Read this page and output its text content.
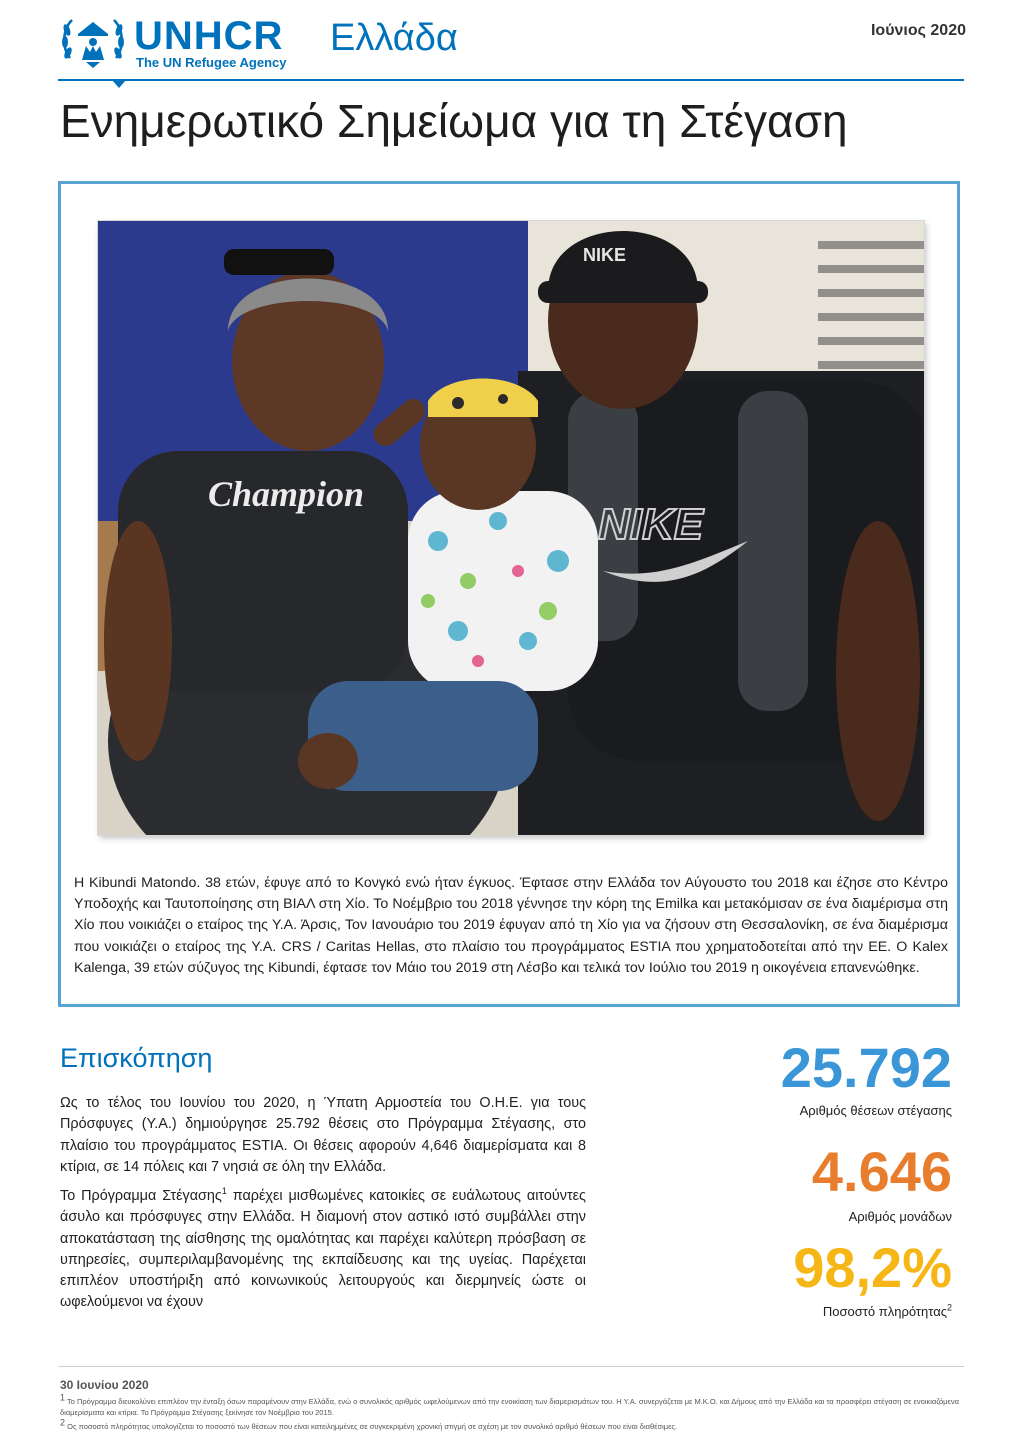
UNHCR
The UN Refugee Agency
Ελλάδα	Ιούνιος 2020
Ενημερωτικό Σημείωμα για τη Στέγαση
Champion
NIKE
NIKE
Η Kibundi Matondo. 38 ετών, έφυγε από το Κονγκό ενώ ήταν έγκυος. Έφτασε στην Ελλάδα τον Αύγουστο του 2018 και έζησε στο Κέντρο Υποδοχής και Ταυτοποίησης στη ΒΙΑΛ στη Χίο. Το Νοέμβριο του 2018 γέννησε την κόρη της Emilka και μετακόμισαν σε ένα διαμέρισμα στη Χίο που νοικιάζει ο εταίρος της Υ.Α. Άρσις, Τον Ιανουάριο του 2019 έφυγαν από τη Χίο για να ζήσουν στη Θεσσαλονίκη, σε ένα διαμέρισμα που νοικιάζει ο εταίρος της Υ.Α. CRS / Caritas Hellas, στο πλαίσιο του προγράμματος ESTIA που χρηματοδοτείται από την ΕΕ. Ο Kalex Kalenga, 39 ετών σύζυγος της Kibundi, έφτασε τον Μάιο του 2019 στη Λέσβο και τελικά τον Ιούλιο του 2019 η οικογένεια επανενώθηκε.
Επισκόπηση

Ως το τέλος του Ιουνίου του 2020, η Ύπατη Αρμοστεία του Ο.Η.Ε. για τους Πρόσφυγες (Υ.Α.) δημιούργησε 25.792 θέσεις στο Πρόγραμμα Στέγασης, στο πλαίσιο του προγράμματος ESTIA. Οι θέσεις αφορούν 4,646 διαμερίσματα και 8 κτίρια, σε 14 πόλεις και 7 νησιά σε όλη την Ελλάδα.

Το Πρόγραμμα Στέγασης$^1$ παρέχει μισθωμένες κατοικίες σε ευάλωτους αιτούντες άσυλο και πρόσφυγες στην Ελλάδα. Η διαμονή στον αστικό ιστό συμβάλλει στην αποκατάσταση της αίσθησης της ομαλότητας και παρέχει καλύτερη πρόσβαση σε υπηρεσίες, συμπεριλαμβανομένης της εκπαίδευσης και της υγείας. Παρέχεται επιπλέον υποστήριξη από κοινωνικούς λειτουργούς και διερμηνείς ώστε οι ωφελούμενοι να έχουν

25.792
Αριθμός θέσεων στέγασης
4.646
Αριθμός μονάδων
98,2%
Ποσοστό πληρότητας$^2$
30 Ιουνίου 2020
$^1$ Το Πρόγραμμα διευκολύνει επιπλέον την ένταξη όσων παραμένουν στην Ελλάδα, ενώ ο συνολικός αριθμός ωφελούμενων από την ενοικίαση των διαμερισμάτων του. Η Υ.Α. συνεργάζεται με Μ.Κ.Ο. και Δήμους από την Ελλάδα και τα προσφέρει στέγαση σε ενοικιαζόμενα διαμερίσματα και κτίρια. Το Πρόγραμμα Στέγασης ξεκίνησε τον Νοέμβριο του 2015.
$^2$ Ος ποσοστό πληρότητας υπολογίζεται το ποσοστό των θέσεων που είναι κατειλημμένες σε συγκεκριμένη χρονική στιγμή σε σχέση με τον συνολικό αριθμό θέσεων που είναι διαθέσιμες.
